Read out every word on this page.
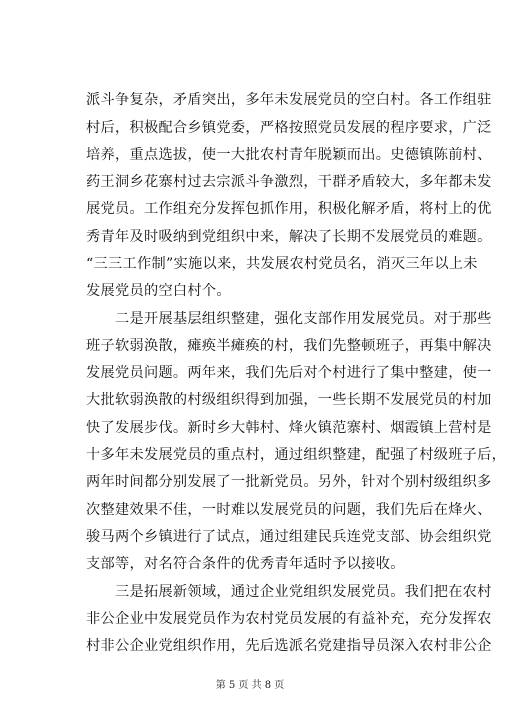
派斗争复杂，矛盾突出，多年未发展党员的空白村。各工作组驻
村后，积极配合乡镇党委，严格按照党员发展的程序要求，广泛
培养，重点选拔，使一大批农村青年脱颖而出。史德镇陈前村、
药王洞乡花寨村过去宗派斗争激烈，干群矛盾较大，多年都未发
展党员。工作组充分发挥包抓作用，积极化解矛盾，将村上的优
秀青年及时吸纳到党组织中来，解决了长期不发展党员的难题。
“三三工作制”实施以来，共发展农村党员名，消灭三年以上未
发展党员的空白村个。
　　二是开展基层组织整建，强化支部作用发展党员。对于那些
班子软弱涣散，瘫痪半瘫痪的村，我们先整顿班子，再集中解决
发展党员问题。两年来，我们先后对个村进行了集中整建，使一
大批软弱涣散的村级组织得到加强，一些长期不发展党员的村加
快了发展步伐。新时乡大韩村、烽火镇范寨村、烟霞镇上营村是
十多年未发展党员的重点村，通过组织整建，配强了村级班子后，
两年时间都分别发展了一批新党员。另外，针对个别村级组织多
次整建效果不佳，一时难以发展党员的问题，我们先后在烽火、
骏马两个乡镇进行了试点，通过组建民兵连党支部、协会组织党
支部等，对名符合条件的优秀青年适时予以接收。
　　三是拓展新领域，通过企业党组织发展党员。我们把在农村
非公企业中发展党员作为农村党员发展的有益补充，充分发挥农
村非公企业党组织作用，先后选派名党建指导员深入农村非公企
第 5 页 共 8 页
